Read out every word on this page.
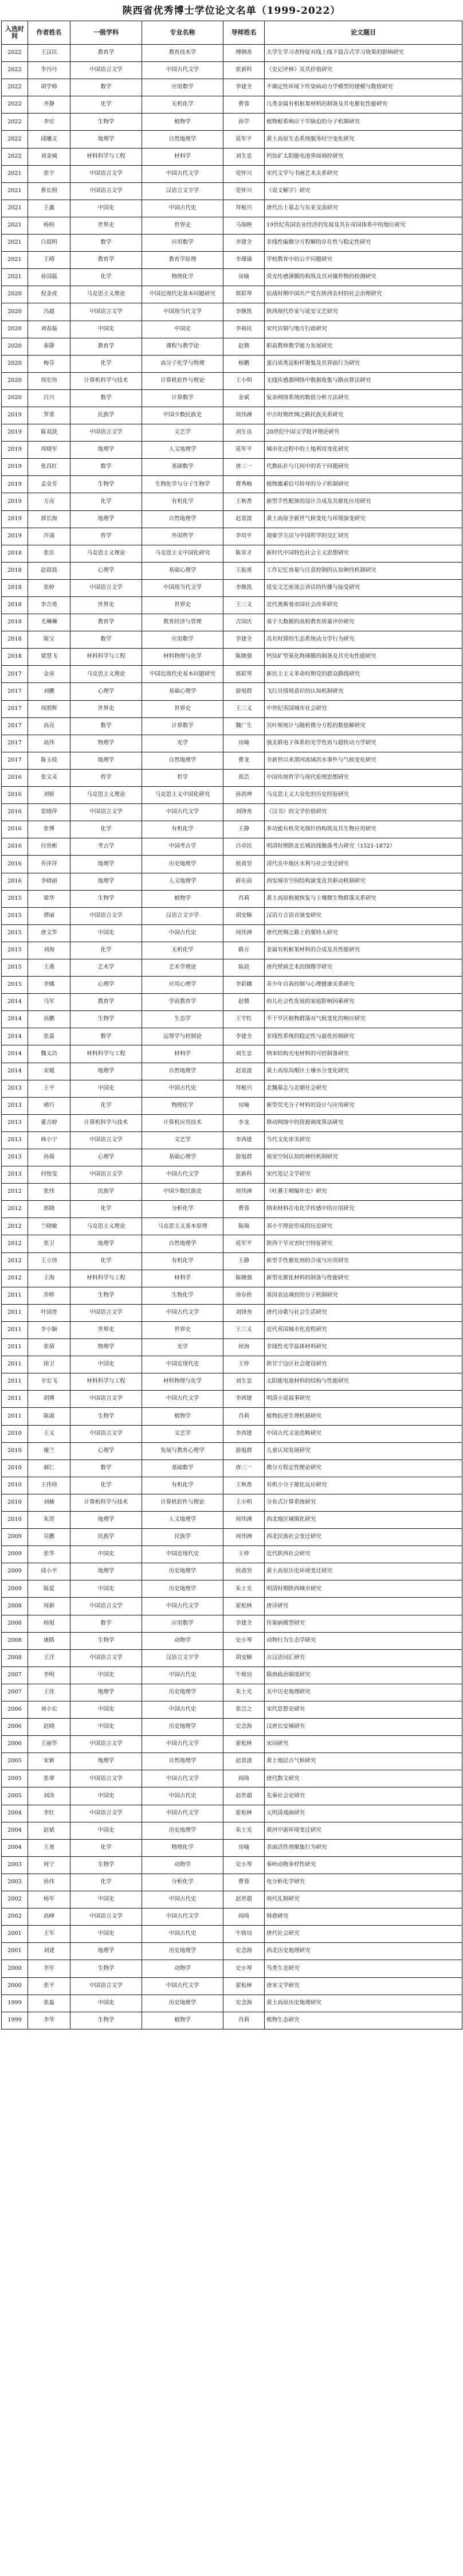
陕西省优秀博士学位论文名单（1999-2022）
入选时间	作者姓名	一级学科	专业名称	导师姓名	论文题目
2022	王汉臣	教育学	教育技术学	傅钢善	大学生学习者特征对线上线下混合式学习效果的影响研究
2022	李丹丹	中国语言文学	中国古代文学	张新科	《史记评林》及其价值研究
2022	胡学帅	数学	应用数学	李建全	不确定性环境下传染病动力学模型的建模与数值研究
2022	齐静	化学	无机化学	曹蓉	几类金属有机框架材料的制备及其电催化性能研究
2022	李宏	生物学	植物学	孙学	植物根系响应干旱胁迫的分子机制研究
2022	邱曦文	地理学	自然地理学	延军平	黄土高原生态系统服务时空变化研究
2022	刘金城	材料科学与工程	材料学	刘生忠	钙钛矿太阳能电池界面调控研究
2021	张宇	中国语言文学	中国古代文学	党怀兴	宋代文学与书画艺术关系研究
2021	蔡长照	中国语言文学	汉语言文字学	党怀兴	《说文解字》研究
2021	王鑫	中国史	中国古代史	拜根兴	唐代出土墓志与东亚交流研究
2021	杨柏	世界史	世界史	马瑞映	19世纪英国农业经济的发展及其在帝国体系中的地位研究
2021	白晨明	数学	应用数学	李建全	非线性偏微分方程解的存在性与稳定性研究
2021	王晴	教育学	教育学原理	李瑾瑜	学校教育中的公平问题研究
2021	孙国磊	化学	物理化学	房喻	荧光传感薄膜的构筑及其对爆炸物的检测研究
2020	倪金虎	马克思主义理论	中国近现代史基本问题研究	郭彩琴	抗战时期中国共产党在陕西农村的社会治理研究
2020	冯超	中国语言文学	中国现当代文学	李继凯	陕西现代作家与延安文艺研究
2020	刘春磊	中国史	中国史	李裕民	宋代官制与地方行政研究
2020	秦静	教育学	课程与教学论	赵微	职前教师教学能力发展研究
2020	梅芬	化学	高分子化学与物理	杨鹏	蛋白质类淀粉样聚集及其界面行为研究
2020	周宏伟	计算机科学与技术	计算机软件与理论	王小明	无线传感器网络中数据收集与路由算法研究
2020	吕兴	数学	计算数学	金斌	复杂网络系统的数值分析方法研究
2019	罗菁	民族学	中国少数民族史	周伟洲	中古时期丝绸之路民族关系研究
2019	陈双波	中国语言文学	文艺学	刘生良	20世纪中国文学批评理论研究
2019	周晓军	地理学	人文地理学	延军平	城市化过程中的土地利用变化研究
2019	张昌红	数学	基础数学	唐三一	代数拓扑与几何中的若干问题研究
2019	孟金芳	生物学	生物化学与分子生物学	曹秀梅	植物激素信号转导的分子机制研究
2019	方亮	化学	有机化学	王秋香	新型手性配体的设计合成及其催化应用研究
2019	郭长海	地理学	自然地理学	赵景波	黄土高原全新世气候变化与环境演变研究
2019	许涌	哲学	外国哲学	李培平	现象学方法与中国哲学的交汇研究
2018	张乐	马克思主义理论	马克思主义中国化研究	陈章才	新时代中国特色社会主义思想研究
2018	赵晨晨	心理学	基础心理学	王振勇	工作记忆容量与注意控制的认知神经机制研究
2018	张婷	中国语言文学	中国现当代文学	李继凯	延安文艺座谈会讲话的传播与接受研究
2018	李吉勇	世界史	世界史	王三义	近代奥斯曼帝国社会改革研究
2018	尤琳琳	教育学	教育经济与管理	吉国庆	基于大数据的高校教育质量评价研究
2018	陈宝	数学	应用数学	李建全	具有时滞的生态系统动力学行为研究
2018	梁慧飞	材料科学与工程	材料物理与化学	陈继强	钙钛矿型氧化物薄膜的制备及其光电性能研究
2017	金彦	马克思主义理论	中国近现代史基本问题研究	郭彩琴	新民主主义革命时期党的群众路线研究
2017	刘鹏	心理学	基础心理学	游旭群	飞行员情境意识的认知机制研究
2017	周照辉	世界史	世界史	王三义	中世纪英国城市社会研究
2017	高亮	数学	计算数学	魏广生	贝叶斯统计与随机微分方程的数值解研究
2017	高伟	物理学	光学	房喻	强关联电子体系的光学性质与超快动力学研究
2017	陈玉枝	地理学	自然地理学	曹龙	全新世以来渭河流域洪水事件与气候变化研究
2016	张文灵	哲学	哲学	郑芸	中国传统哲学与现代伦理思想研究
2016	刘娇	马克思主义理论	马克思主义中国化研究	孙洪坤	马克思主义大众化的历史经验研究
2016	雷晓萍	中国语言文学	中国古代文学	刘锋焘	《汉书》的文学价值研究
2016	张博	化学	有机化学	王静	多功能有机荧光探针的构筑及其生物应用研究
2016	付贵彬	考古学	中国考古学	吕卓民	明清时期陕北长城沿线聚落考古研究（1521-1872）
2016	乔萍萍	地理学	历史地理学	侯甬坚	清代关中地区水利与社会变迁研究
2016	李晓丽	地理学	人文地理学	薛东前	西安城市空间结构演变及其驱动机制研究
2015	梁华	生物学	植物学	肖莉	黄土高原植被恢复与土壤微生物群落关系研究
2015	谭丽	中国语言文学	汉语言文字学	胡安顺	汉语方言语音演变研究
2015	唐文华	中国史	中国古代史	周伟洲	唐代丝绸之路上的粟特人研究
2015	刘海	化学	无机化学	路万	金属有机框架材料的合成及其性能研究
2015	王燕	艺术学	艺术学理论	陈晨	唐代壁画艺术的图像学研究
2015	李娜	心理学	应用心理学	李彩娜	青少年自我控制与心理健康关系研究
2014	马军	教育学	学前教育学	赵微	幼儿社会性发展的家庭影响因素研究
2014	高鹏	生物学	生态学	王宇红	半干旱区植物群落对气候变化的响应研究
2014	张嘉	数学	运筹学与控制论	李建全	非线性系统的稳定性与最优控制研究
2014	魏义昌	材料科学与工程	材料学	刘生忠	纳米结构光电材料的可控制备研究
2014	宋媛	地理学	自然地理学	赵景波	黄土高原沟壑区土壤水分变化研究
2013	王平	中国史	中国古代史	拜根兴	北魏墓志与北朝社会研究
2013	褚巧	化学	物理化学	房喻	新型荧光分子材料的设计与应用研究
2013	董吉婷	计算机科学与技术	计算机应用技术	李龙	移动网络中的资源调度算法研究
2013	韩小宁	中国语言文学	文艺学	李西建	当代文化审美研究
2013	孙瑞	心理学	基础心理学	游旭群	视觉空间认知的神经机制研究
2013	何悦雯	中国语言文学	中国古代文学	张新科	宋代笔记文学研究
2012	张伟	民族学	中国少数民族史	周伟洲	《吐蕃王朝编年史》研究
2012	郭晓	化学	分析化学	曹蓉	纳米材料在电化学传感中的应用研究
2012	兰晓敏	马克思主义理论	马克思主义基本原理	陈瑞	邓小平理论形成的历史研究
2012	张卫	地理学	自然地理学	延军平	陕西干旱灾害时空特征研究
2012	王立伟	化学	有机化学	王静	新型手性催化剂的合成与应用研究
2012	王海	材料科学与工程	材料学	陈继强	新型光催化材料的制备与性能研究
2011	乔晖	生物学	生物化学	徐存拴	基因表达调控的分子机制研究
2011	叶国普	中国语言文学	中国古代文学	刘锋焘	唐代诗歌与社会生活研究
2011	李小颖	世界史	世界史	王三义	近代英国城市化进程研究
2011	张倩	物理学	光学	侯洵	非线性光学晶体材料研究
2011	徐卫	中国史	中国近现代史	王仲	陕甘宁边区社会建设研究
2011	辛宏飞	材料科学与工程	材料物理与化学	刘生忠	太阳能电池材料的结构与性能研究
2011	胡博	中国语言文学	中国古代文学	李西建	明清小说叙事研究
2011	陈淑	生物学	植物学	肖莉	植物抗逆生理机制研究
2010	王义	中国语言文学	文艺学	李西建	中国古代文论范畴研究
2010	谢兰	心理学	发展与教育心理学	游旭群	儿童认知发展研究
2010	郝仁	数学	基础数学	唐三一	微分方程定性理论研究
2010	王伟伟	化学	有机化学	王秋香	有机小分子催化反应研究
2010	刘楠	计算机科学与技术	计算机软件与理论	王小明	分布式计算系统研究
2010	朱贺	地理学	人文地理学	周伟洲	西北地区城镇化研究
2009	吴鹏	民族学	民族学	周伟洲	西北民族社会变迁研究
2009	张华	中国史	中国近现代史	王仲	近代陕西社会研究
2009	邱小平	地理学	历史地理学	侯甬坚	黄土高原历史环境变迁研究
2009	陈爱	中国史	历史地理学	朱士光	明清时期陕西城市研究
2008	周新	中国语言文学	中国古代文学	霍松林	唐诗研究
2008	杨旭	数学	应用数学	李建全	传染病模型研究
2008	康路	生物学	动物学	史小琴	动物行为生态学研究
2008	王洋	中国语言文学	汉语言文字学	胡安顺	古汉语词汇研究
2007	李明	中国史	中国古代史	牛致功	隋唐政治制度研究
2007	王佳	地理学	历史地理学	朱士光	关中历史地理研究
2006	刘小宏	中国史	中国古代史	张岂之	宋代思想史研究
2006	赵晓	中国史	历史地理学	史念海	汉唐长安城研究
2006	王丽华	中国语言文学	中国古代文学	霍松林	宋词研究
2005	宋新	地理学	自然地理学	赵景波	黄土地层古气候研究
2005	张翠	中国语言文学	中国古代文学	阎琦	唐代散文研究
2005	刘涛	中国史	中国古代史	赵世超	先秦社会史研究
2004	李红	中国语言文学	中国古代文学	霍松林	元明清戏曲研究
2004	赵斌	中国史	历史地理学	朱士光	黄河中游环境变迁研究
2004	王勇	化学	物理化学	房喻	表面活性剂聚集行为研究
2003	周宁	生物学	动物学	史小琴	秦岭动物多样性研究
2003	孙伟	化学	分析化学	曹蓉	电分析化学研究
2002	杨军	中国史	中国古代史	赵世超	周代礼制研究
2002	高峰	中国语言文学	中国古代文学	阎琦	韩愈研究
2001	王军	中国史	中国古代史	牛致功	唐代社会研究
2001	刘建	地理学	历史地理学	史念海	西北历史地理研究
2000	李军	生物学	动物学	史小琴	鸟类生态研究
2000	张平	中国语言文学	中国古代文学	霍松林	唐宋文学研究
1999	张磊	中国史	历史地理学	史念海	黄土高原历史地理研究
1999	李华	生物学	植物学	肖莉	植物生态研究
